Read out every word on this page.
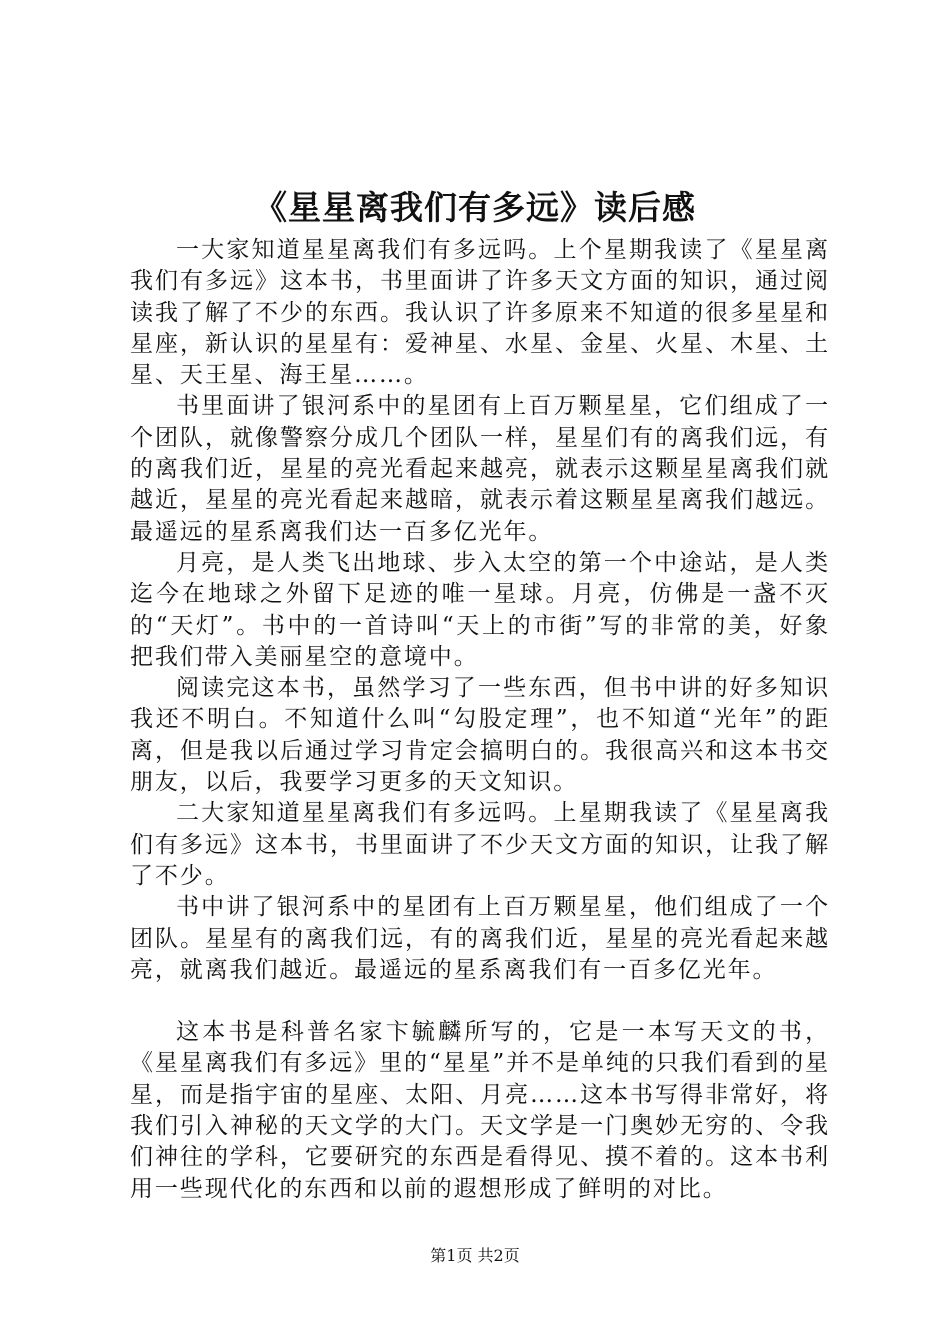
《星星离我们有多远》读后感

一大家知道星星离我们有多远吗。上个星期我读了《星星离我们有多远》这本书，书里面讲了许多天文方面的知识，通过阅读我了解了不少的东西。我认识了许多原来不知道的很多星星和星座，新认识的星星有：爱神星、水星、金星、火星、木星、土星、天王星、海王星……。

书里面讲了银河系中的星团有上百万颗星星，它们组成了一个团队，就像警察分成几个团队一样，星星们有的离我们远，有的离我们近，星星的亮光看起来越亮，就表示这颗星星离我们就越近，星星的亮光看起来越暗，就表示着这颗星星离我们越远。最遥远的星系离我们达一百多亿光年。

月亮，是人类飞出地球、步入太空的第一个中途站，是人类迄今在地球之外留下足迹的唯一星球。月亮，仿佛是一盏不灭的“天灯”。书中的一首诗叫“天上的市街”写的非常的美，好象把我们带入美丽星空的意境中。

阅读完这本书，虽然学习了一些东西，但书中讲的好多知识我还不明白。不知道什么叫“勾股定理”，也不知道“光年”的距离，但是我以后通过学习肯定会搞明白的。我很高兴和这本书交朋友，以后，我要学习更多的天文知识。

二大家知道星星离我们有多远吗。上星期我读了《星星离我们有多远》这本书，书里面讲了不少天文方面的知识，让我了解了不少。

书中讲了银河系中的星团有上百万颗星星，他们组成了一个团队。星星有的离我们远，有的离我们近，星星的亮光看起来越亮，就离我们越近。最遥远的星系离我们有一百多亿光年。

这本书是科普名家卞毓麟所写的，它是一本写天文的书，《星星离我们有多远》里的“星星”并不是单纯的只我们看到的星星，而是指宇宙的星座、太阳、月亮……这本书写得非常好，将我们引入神秘的天文学的大门。天文学是一门奥妙无穷的、令我们神往的学科，它要研究的东西是看得见、摸不着的。这本书利用一些现代化的东西和以前的遐想形成了鲜明的对比。

第1页 共2页
